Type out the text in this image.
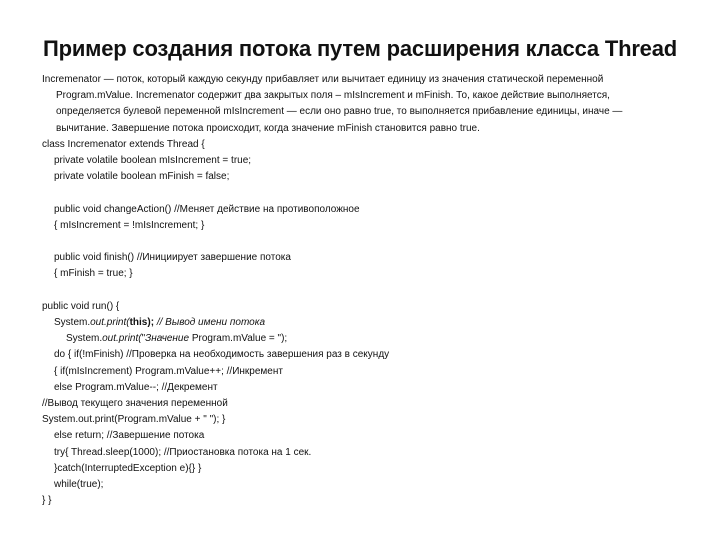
Пример создания потока путем расширения класса Thread
Incremenator — поток, который каждую секунду прибавляет или вычитает единицу из значения статической переменной
Program.mValue. Incremenator содержит два закрытых поля – mIsIncrement и mFinish. То, какое действие выполняется,
определяется булевой переменной mIsIncrement — если оно равно true, то выполняется прибавление единицы, иначе —
вычитание. Завершение потока происходит, когда значение mFinish становится равно true.
class Incremenator extends Thread {
private volatile boolean mIsIncrement = true;
private volatile boolean mFinish = false;
public void changeAction() //Меняет действие на противоположное
{ mIsIncrement = !mIsIncrement; }
public void finish() //Инициирует завершение потока
{ mFinish = true; }
public void run() {
System.out.print(this); // Вывод имени потока
System.out.print("Значение Program.mValue = ");
do { if(!mFinish) //Проверка на необходимость завершения раз в секунду
{ if(mIsIncrement) Program.mValue++; //Инкремент
else Program.mValue--; //Декремент
//Вывод текущего значения переменной
System.out.print(Program.mValue + " "); }
else return; //Завершение потока
try{ Thread.sleep(1000); //Приостановка потока на 1 сек.
}catch(InterruptedException e){} }
while(true);
} }
